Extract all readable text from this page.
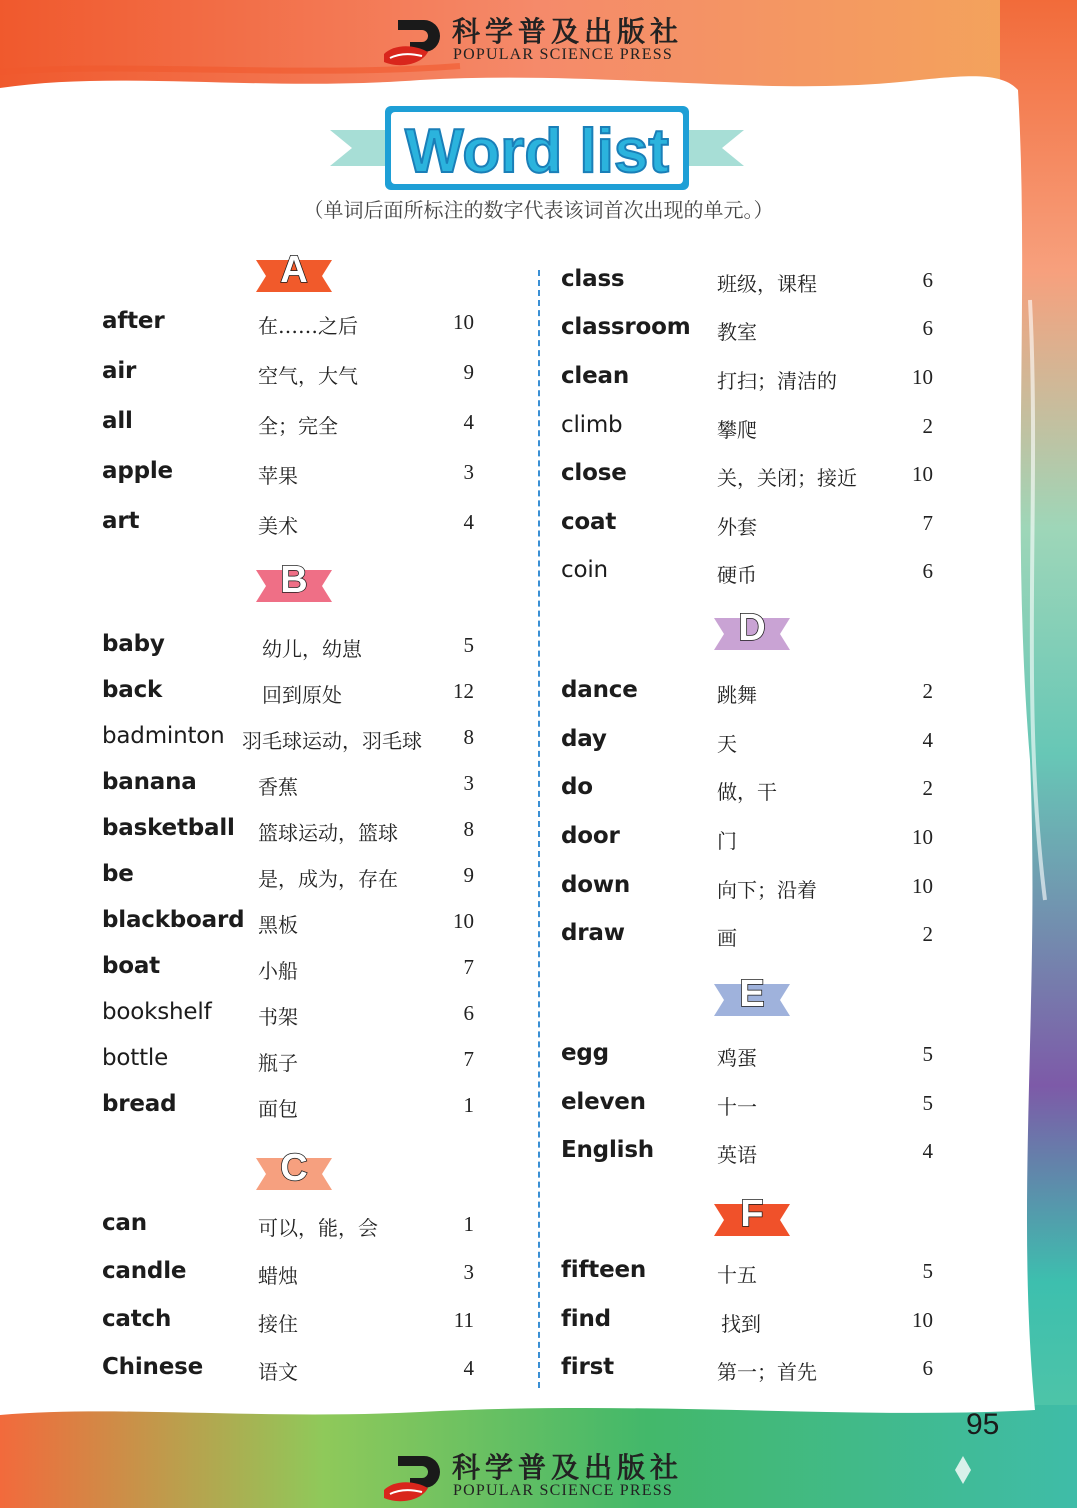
科学普及出版社
POPULAR SCIENCE PRESS
Word list
（单词后面所标注的数字代表该词首次出现的单元。）
A
after	在……之后	10
air	空气，大气	9
all	全；完全	4
apple	苹果	3
art	美术	4
B
baby	幼儿，幼崽	5
back	回到原处	12
badminton 羽毛球运动，羽毛球	8
banana	香蕉	3
basketball 篮球运动，篮球	8
be	是，成为，存在	9
blackboard 黑板	10
boat	小船	7
bookshelf 书架	6
bottle	瓶子	7
bread	面包	1
C
can	可以，能，会	1
candle	蜡烛	3
catch	接住	11
Chinese	语文	4
class	班级，课程	6
classroom 教室	6
clean	打扫；清洁的	10
climb	攀爬	2
close	关，关闭；接近	10
coat	外套	7
coin	硬币	6
D
dance	跳舞	2
day	天	4
do	做，干	2
door	门	10
down	向下；沿着	10
draw	画	2
E
egg	鸡蛋	5
eleven	十一	5
English	英语	4
F
fifteen	十五	5
find	找到	10
first	第一；首先	6
科学普及出版社
POPULAR SCIENCE PRESS
95
